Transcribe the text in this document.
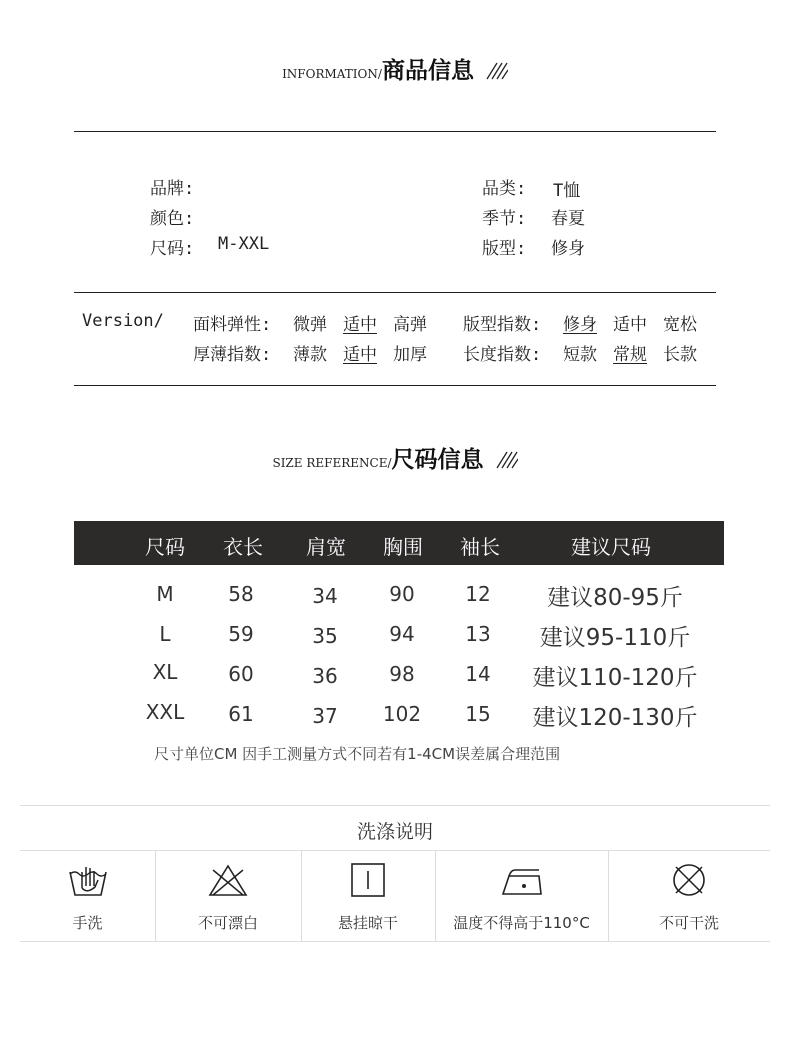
INFORMATION/商品信息
品牌:
颜色:
尺码: M-XXL
品类: T恤
季节: 春夏
版型: 修身
Version/ 面料弹性: 微弹 适中 高弹
厚薄指数: 薄款 适中 加厚
版型指数: 修身 适中 宽松
长度指数: 短款 常规 长款
SIZE REFERENCE/尺码信息
尺码	衣长	肩宽	胸围	袖长	建议尺码
M	58	34	90	12	建议80-95斤
L	59	35	94	13	建议95-110斤
XL	60	36	98	14	建议110-120斤
XXL	61	37	102	15	建议120-130斤
尺寸单位CM 因手工测量方式不同若有1-4CM误差属合理范围
洗涤说明
手洗	不可漂白	悬挂晾干	温度不得高于110°C	不可干洗
